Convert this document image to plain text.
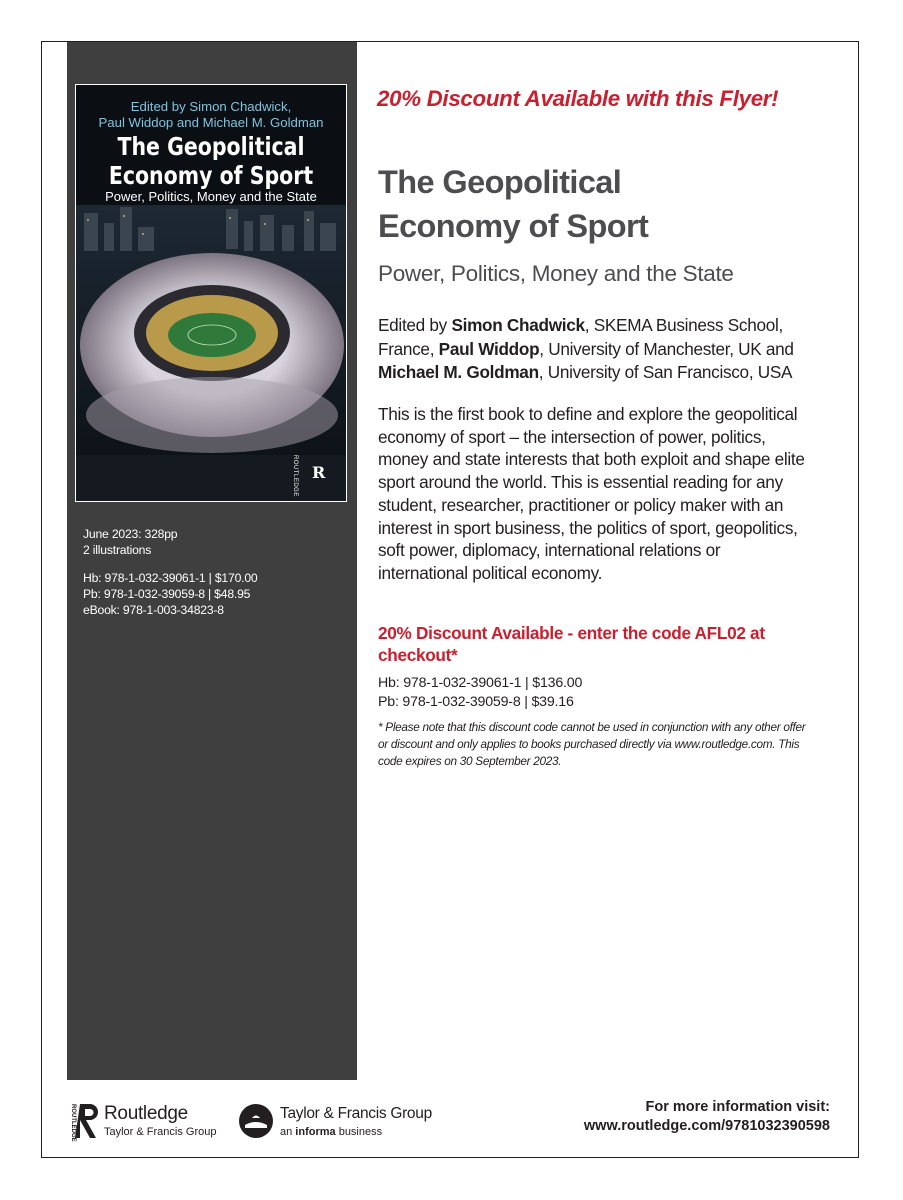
Edited by Simon Chadwick,
Paul Widdop and Michael M. Goldman
The Geopolitical
Economy of Sport
Power, Politics, Money and the State
R
ROUTLEDGE
June 2023: 328pp
2 illustrations
Hb: 978-1-032-39061-1 | $170.00
Pb: 978-1-032-39059-8 | $48.95
eBook: 978-1-003-34823-8
20% Discount Available with this Flyer!
The Geopolitical
Economy of Sport
Power, Politics, Money and the State
Edited by Simon Chadwick, SKEMA Business School,
France, Paul Widdop, University of Manchester, UK and
Michael M. Goldman, University of San Francisco, USA
This is the first book to define and explore the geopolitical
economy of sport – the intersection of power, politics,
money and state interests that both exploit and shape elite
sport around the world. This is essential reading for any
student, researcher, practitioner or policy maker with an
interest in sport business, the politics of sport, geopolitics,
soft power, diplomacy, international relations or
international political economy.
20% Discount Available - enter the code AFL02 at
checkout*
Hb: 978-1-032-39061-1 | $136.00
Pb: 978-1-032-39059-8 | $39.16
* Please note that this discount code cannot be used in conjunction with any other offer
or discount and only applies to books purchased directly via www.routledge.com. This
code expires on 30 September 2023.
ROUTLEDGE Routledge
Taylor & Francis Group
Taylor & Francis Group
an informa business
For more information visit:
www.routledge.com/9781032390598
